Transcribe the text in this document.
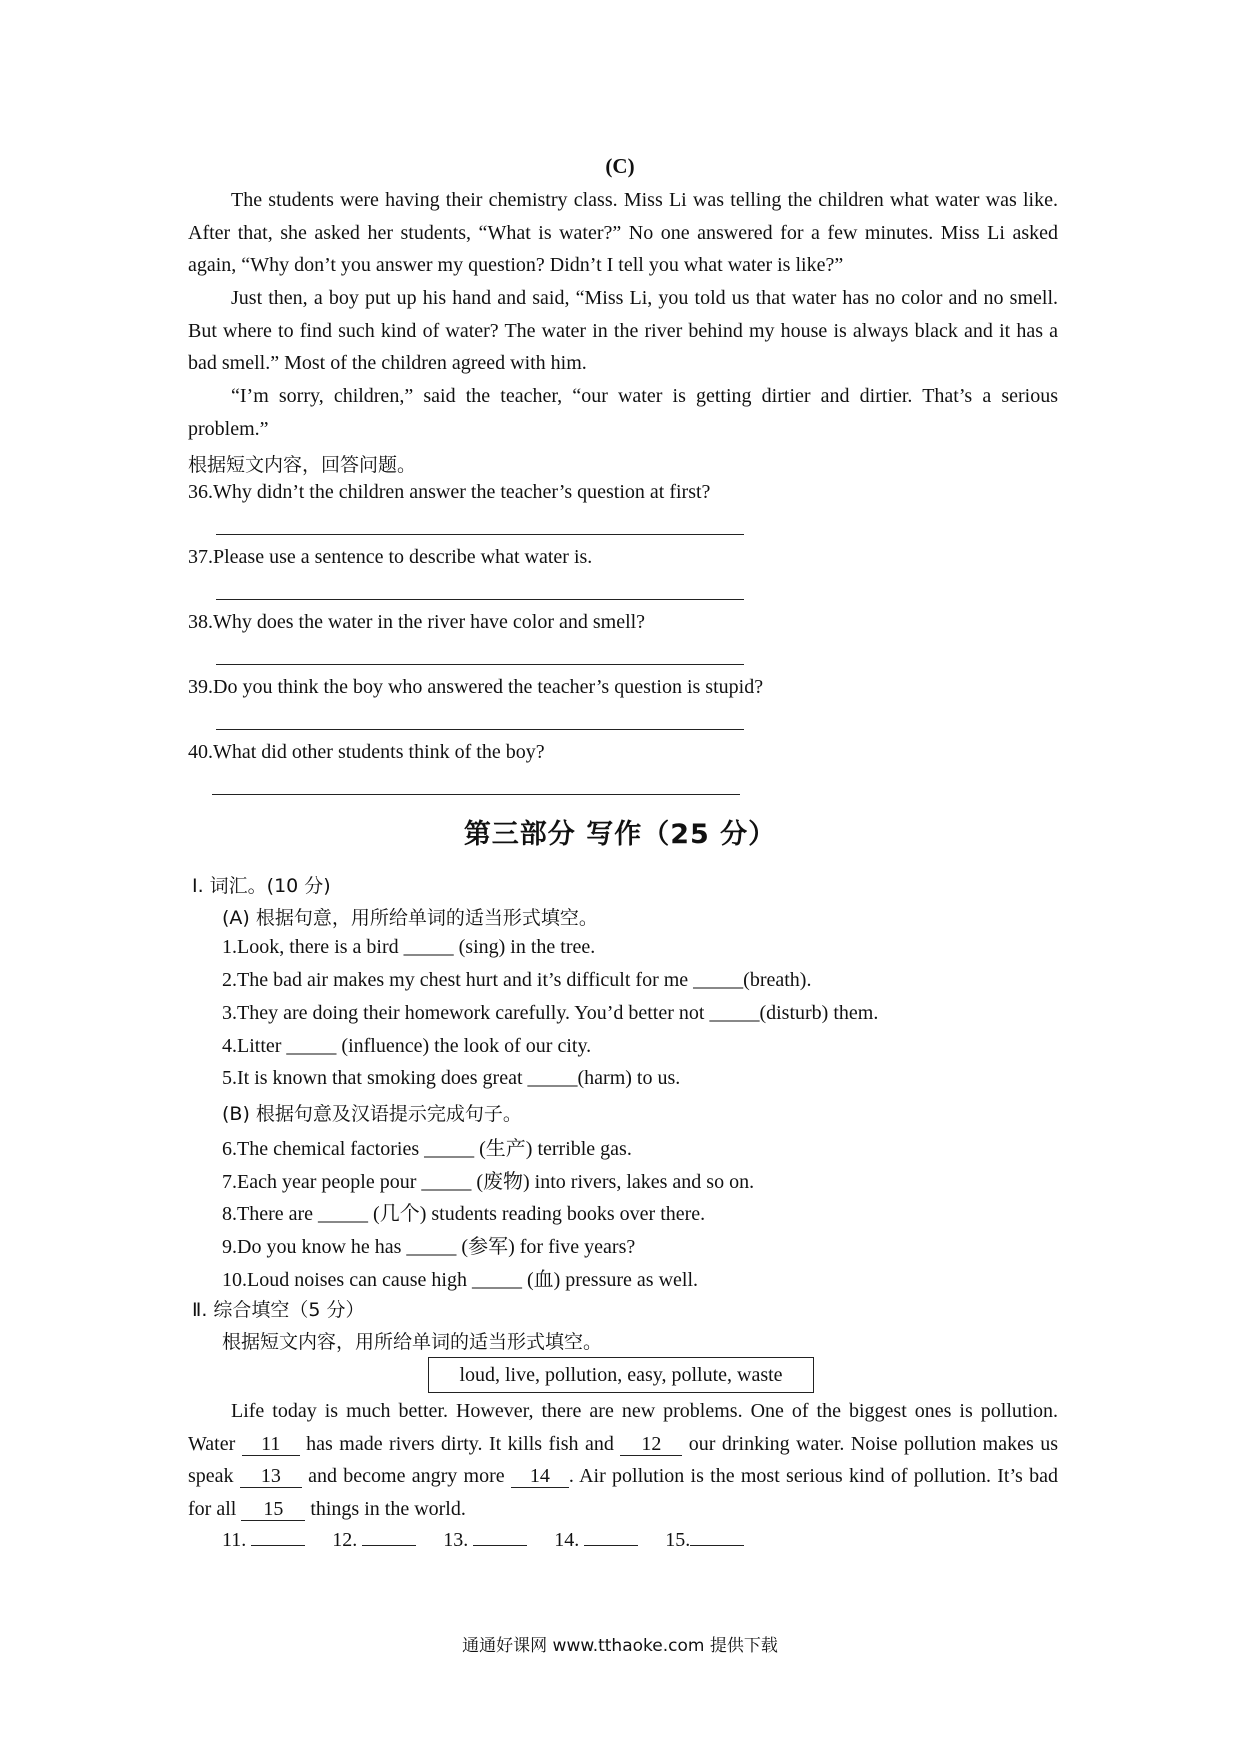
(C)
The students were having their chemistry class. Miss Li was telling the children what water was like. After that, she asked her students, “What is water?” No one answered for a few minutes. Miss Li asked again, “Why don’t you answer my question? Didn’t I tell you what water is like?”
Just then, a boy put up his hand and said, “Miss Li, you told us that water has no color and no smell. But where to find such kind of water? The water in the river behind my house is always black and it has a bad smell.” Most of the children agreed with him.
“I’m sorry, children,” said the teacher, “our water is getting dirtier and dirtier. That’s a serious problem.”
根据短文内容，回答问题。
36.Why didn’t the children answer the teacher’s question at first?
37.Please use a sentence to describe what water is.
38.Why does the water in the river have color and smell?
39.Do you think the boy who answered the teacher’s question is stupid?
40.What did other students think of the boy?
第三部分 写作（25 分）
Ⅰ. 词汇。(10 分)
(A) 根据句意，用所给单词的适当形式填空。
1.Look, there is a bird _____ (sing) in the tree.
2.The bad air makes my chest hurt and it’s difficult for me _____(breath).
3.They are doing their homework carefully. You’d better not _____(disturb) them.
4.Litter _____ (influence) the look of our city.
5.It is known that smoking does great _____(harm) to us.
(B) 根据句意及汉语提示完成句子。
6.The chemical factories _____ (生产) terrible gas.
7.Each year people pour _____ (废物) into rivers, lakes and so on.
8.There are _____ (几个) students reading books over there.
9.Do you know he has _____ (参军) for five years?
10.Loud noises can cause high _____ (血) pressure as well.
Ⅱ. 综合填空（5 分）
根据短文内容，用所给单词的适当形式填空。
loud, live, pollution, easy, pollute, waste
Life today is much better. However, there are new problems. One of the biggest ones is pollution. Water 11 has made rivers dirty. It kills fish and 12 our drinking water. Noise pollution makes us speak 13 and become angry more 14 . Air pollution is the most serious kind of pollution. It’s bad for all 15 things in the world.
11.	12.	13.	14.	15.
通通好课网 www.tthaoke.com 提供下载
